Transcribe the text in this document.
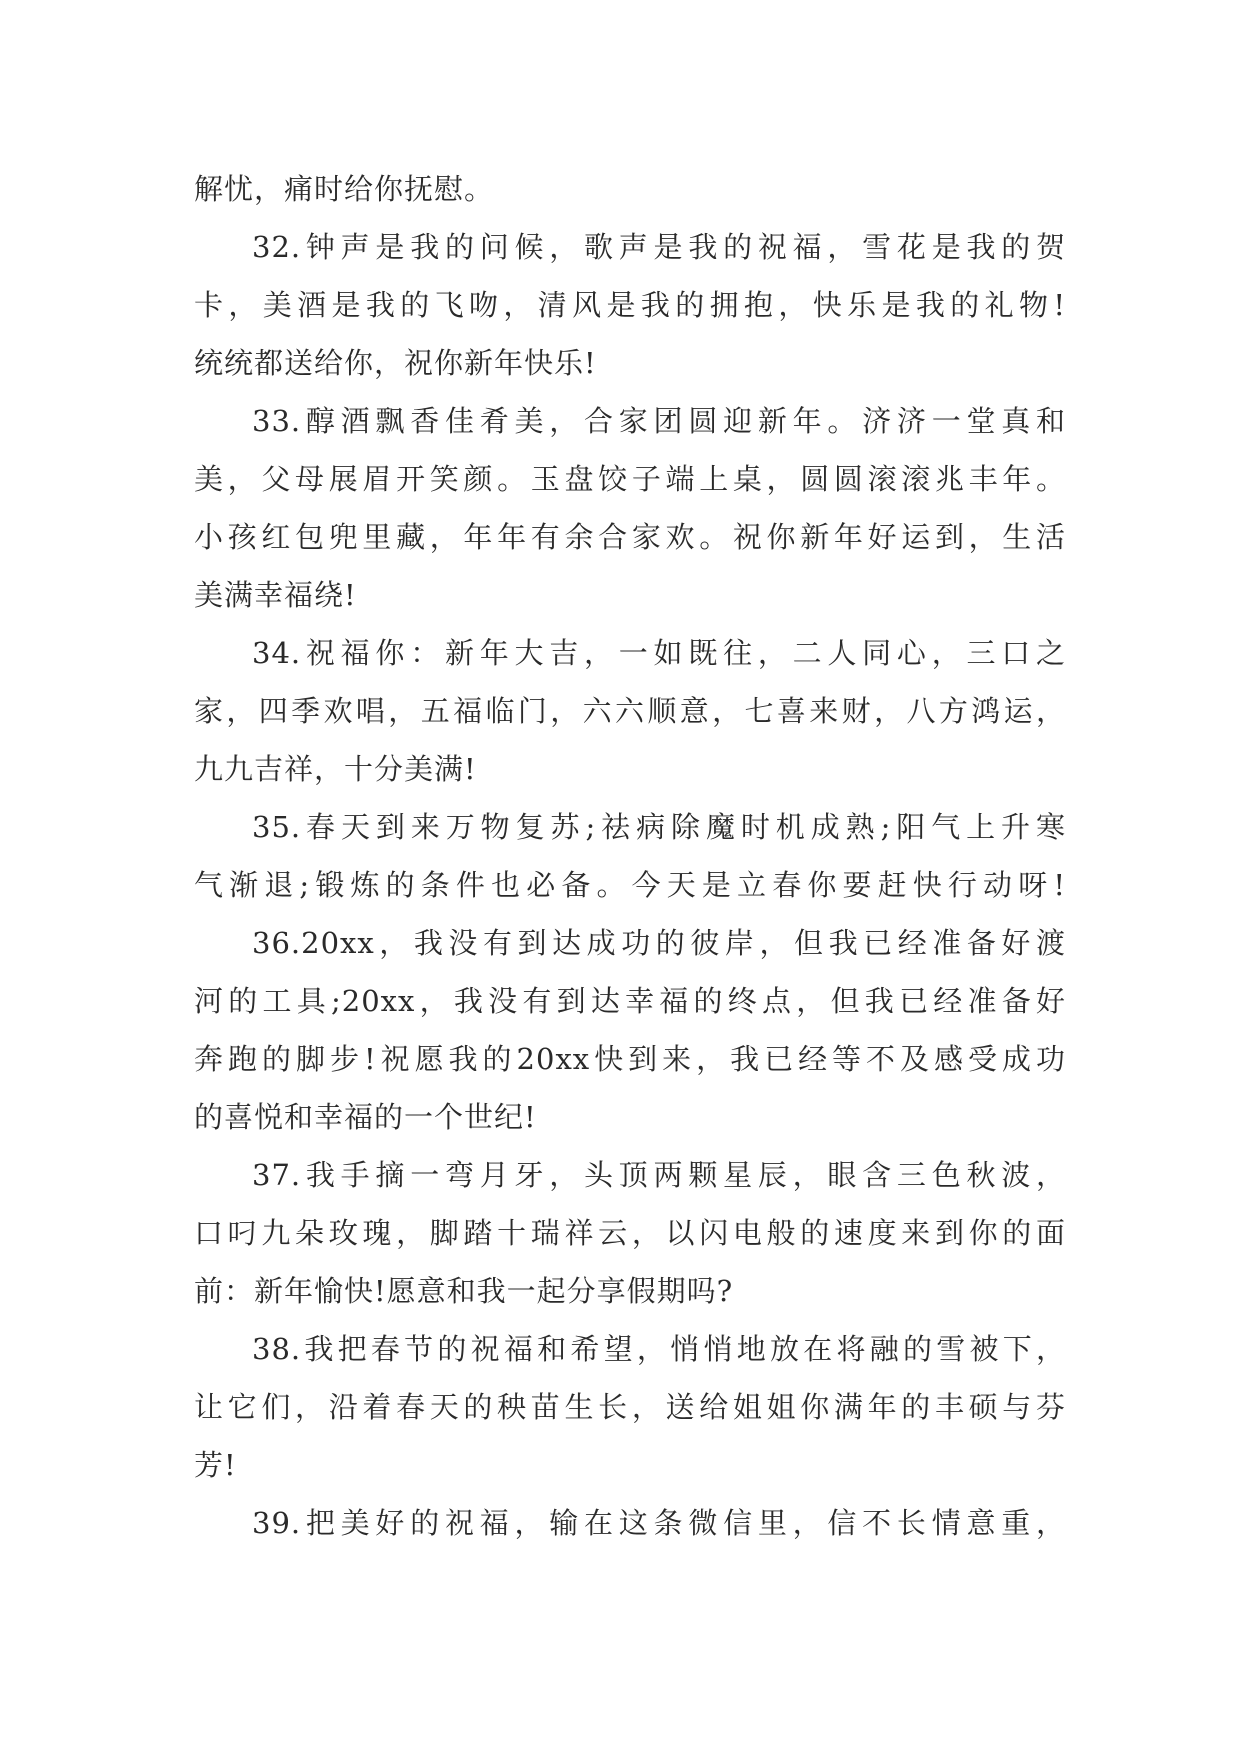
解忧，痛时给你抚慰。
32.钟声是我的问候，歌声是我的祝福，雪花是我的贺
卡，美酒是我的飞吻，清风是我的拥抱，快乐是我的礼物!
统统都送给你，祝你新年快乐!
33.醇酒飘香佳肴美，合家团圆迎新年。济济一堂真和
美，父母展眉开笑颜。玉盘饺子端上桌，圆圆滚滚兆丰年。
小孩红包兜里藏，年年有余合家欢。祝你新年好运到，生活
美满幸福绕!
34.祝福你：新年大吉，一如既往，二人同心，三口之
家，四季欢唱，五福临门，六六顺意，七喜来财，八方鸿运，
九九吉祥，十分美满!
35.春天到来万物复苏;祛病除魔时机成熟;阳气上升寒
气渐退;锻炼的条件也必备。今天是立春你要赶快行动呀!
36.20xx，我没有到达成功的彼岸，但我已经准备好渡
河的工具;20xx，我没有到达幸福的终点，但我已经准备好
奔跑的脚步!祝愿我的20xx快到来，我已经等不及感受成功
的喜悦和幸福的一个世纪!
37.我手摘一弯月牙，头顶两颗星辰，眼含三色秋波，
口叼九朵玫瑰，脚踏十瑞祥云，以闪电般的速度来到你的面
前：新年愉快!愿意和我一起分享假期吗?
38.我把春节的祝福和希望，悄悄地放在将融的雪被下，
让它们，沿着春天的秧苗生长，送给姐姐你满年的丰硕与芬
芳!
39.把美好的祝福，输在这条微信里，信不长情意重，
